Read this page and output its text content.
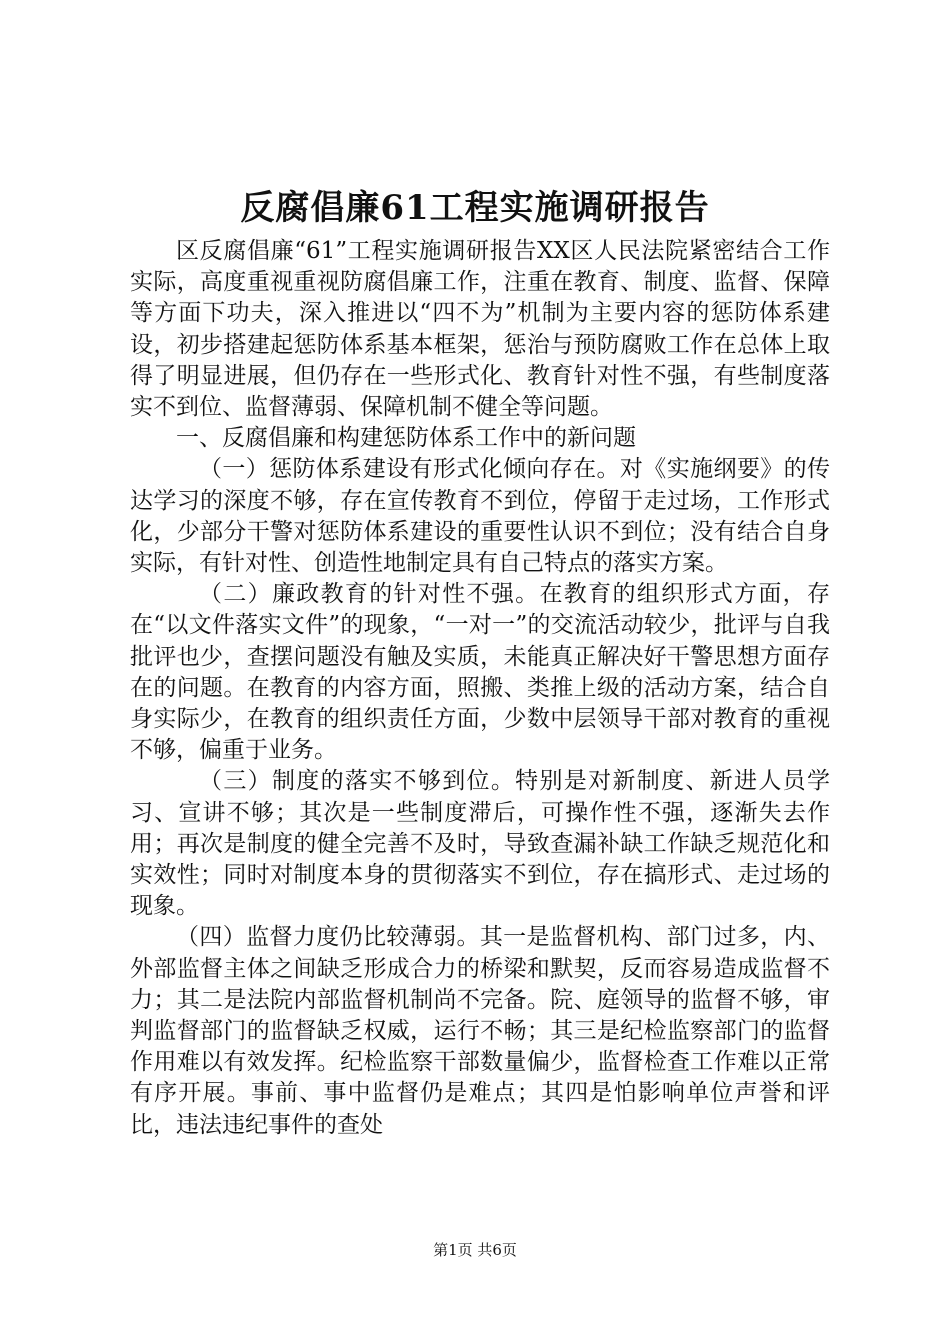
反腐倡廉61工程实施调研报告

区反腐倡廉“61”工程实施调研报告XX区人民法院紧密结合工作实际，高度重视重视防腐倡廉工作，注重在教育、制度、监督、保障等方面下功夫，深入推进以“四不为”机制为主要内容的惩防体系建设，初步搭建起惩防体系基本框架，惩治与预防腐败工作在总体上取得了明显进展，但仍存在一些形式化、教育针对性不强，有些制度落实不到位、监督薄弱、保障机制不健全等问题。

一、反腐倡廉和构建惩防体系工作中的新问题

（一）惩防体系建设有形式化倾向存在。对《实施纲要》的传达学习的深度不够，存在宣传教育不到位，停留于走过场，工作形式化，少部分干警对惩防体系建设的重要性认识不到位；没有结合自身实际，有针对性、创造性地制定具有自己特点的落实方案。

（二）廉政教育的针对性不强。在教育的组织形式方面，存在“以文件落实文件”的现象，“一对一”的交流活动较少，批评与自我批评也少，查摆问题没有触及实质，未能真正解决好干警思想方面存在的问题。在教育的内容方面，照搬、类推上级的活动方案，结合自身实际少，在教育的组织责任方面，少数中层领导干部对教育的重视不够，偏重于业务。

（三）制度的落实不够到位。特别是对新制度、新进人员学习、宣讲不够；其次是一些制度滞后，可操作性不强，逐渐失去作用；再次是制度的健全完善不及时，导致查漏补缺工作缺乏规范化和实效性；同时对制度本身的贯彻落实不到位，存在搞形式、走过场的现象。

（四）监督力度仍比较薄弱。其一是监督机构、部门过多，内、外部监督主体之间缺乏形成合力的桥梁和默契，反而容易造成监督不力；其二是法院内部监督机制尚不完备。院、庭领导的监督不够，审判监督部门的监督缺乏权威，运行不畅；其三是纪检监察部门的监督作用难以有效发挥。纪检监察干部数量偏少，监督检查工作难以正常有序开展。事前、事中监督仍是难点；其四是怕影响单位声誉和评比，违法违纪事件的查处

第1页 共6页
